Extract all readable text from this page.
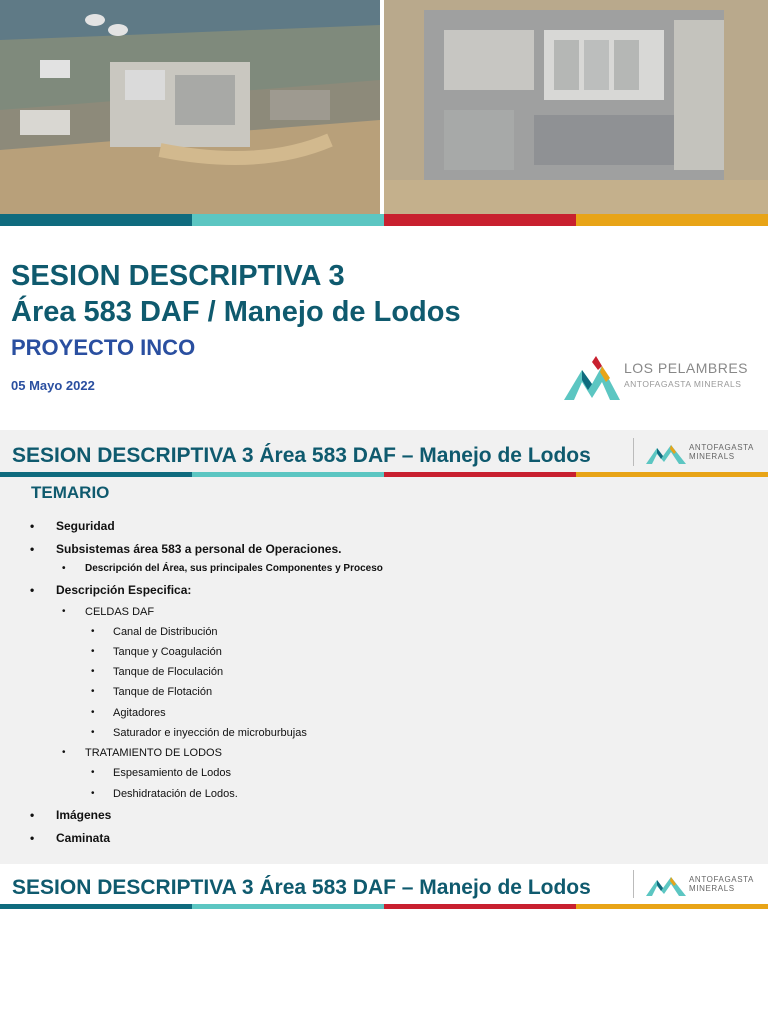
SESION DESCRIPTIVA 3
Área 583 DAF / Manejo de Lodos
PROYECTO INCO
05 Mayo 2022
LOS PELAMBRES
ANTOFAGASTA MINERALS
SESION DESCRIPTIVA 3 Área 583 DAF – Manejo de Lodos	ANTOFAGASTA
MINERALS
TEMARIO
• Seguridad
• Subsistemas área 583 a personal de Operaciones.
• Descripción del Área, sus principales Componentes y Proceso
• Descripción Especifica:
• CELDAS DAF
• Canal de Distribución
• Tanque y Coagulación
• Tanque de Floculación
• Tanque de Flotación
• Agitadores
• Saturador e inyección de microburbujas
• TRATAMIENTO DE LODOS
• Espesamiento de Lodos
• Deshidratación de Lodos.
• Imágenes
• Caminata
SESION DESCRIPTIVA 3 Área 583 DAF – Manejo de Lodos	ANTOFAGASTA
MINERALS
